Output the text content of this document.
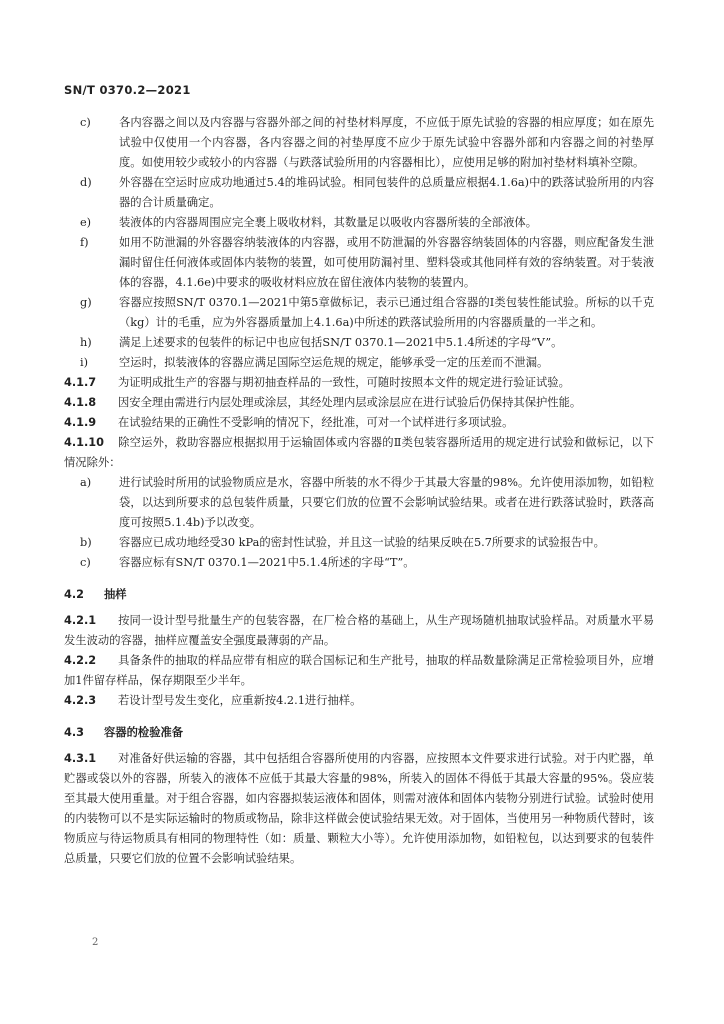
SN/T 0370.2—2021

c)	各内容器之间以及内容器与容器外部之间的衬垫材料厚度，不应低于原先试验的容器的相应厚度；如在原先试验中仅使用一个内容器，各内容器之间的衬垫厚度不应少于原先试验中容器外部和内容器之间的衬垫厚度。如使用较少或较小的内容器（与跌落试验所用的内容器相比），应使用足够的附加衬垫材料填补空隙。

d)	外容器在空运时应成功地通过5.4的堆码试验。相同包装件的总质量应根据4.1.6a)中的跌落试验所用的内容器的合计质量确定。

e)	装液体的内容器周围应完全裹上吸收材料，其数量足以吸收内容器所装的全部液体。

f)	如用不防泄漏的外容器容纳装液体的内容器，或用不防泄漏的外容器容纳装固体的内容器，则应配备发生泄漏时留住任何液体或固体内装物的装置，如可使用防漏衬里、塑料袋或其他同样有效的容纳装置。对于装液体的容器，4.1.6e)中要求的吸收材料应放在留住液体内装物的装置内。

g)	容器应按照SN/T 0370.1—2021中第5章做标记，表示已通过组合容器的Ⅰ类包装性能试验。所标的以千克（kg）计的毛重，应为外容器质量加上4.1.6a)中所述的跌落试验所用的内容器质量的一半之和。

h)	满足上述要求的包装件的标记中也应包括SN/T 0370.1—2021中5.1.4所述的字母“V”。

i)	空运时，拟装液体的容器应满足国际空运危规的规定，能够承受一定的压差而不泄漏。

4.1.7 为证明成批生产的容器与期初抽查样品的一致性，可随时按照本文件的规定进行验证试验。

4.1.8 因安全理由需进行内层处理或涂层，其经处理内层或涂层应在进行试验后仍保持其保护性能。

4.1.9 在试验结果的正确性不受影响的情况下，经批准，可对一个试样进行多项试验。

4.1.10 除空运外，救助容器应根据拟用于运输固体或内容器的Ⅱ类包装容器所适用的规定进行试验和做标记，以下情况除外：

a)	进行试验时所用的试验物质应是水，容器中所装的水不得少于其最大容量的98%。允许使用添加物，如铅粒袋，以达到所要求的总包装件质量，只要它们放的位置不会影响试验结果。或者在进行跌落试验时，跌落高度可按照5.1.4b)予以改变。

b)	容器应已成功地经受30 kPa的密封性试验，并且这一试验的结果反映在5.7所要求的试验报告中。

c)	容器应标有SN/T 0370.1—2021中5.1.4所述的字母“T”。

4.2 抽样

4.2.1 按同一设计型号批量生产的包装容器，在厂检合格的基础上，从生产现场随机抽取试验样品。对质量水平易发生波动的容器，抽样应覆盖安全强度最薄弱的产品。

4.2.2 具备条件的抽取的样品应带有相应的联合国标记和生产批号，抽取的样品数量除满足正常检验项目外，应增加1件留存样品，保存期限至少半年。

4.2.3 若设计型号发生变化，应重新按4.2.1进行抽样。

4.3 容器的检验准备

4.3.1 对准备好供运输的容器，其中包括组合容器所使用的内容器，应按照本文件要求进行试验。对于内贮器，单贮器或袋以外的容器，所装入的液体不应低于其最大容量的98%，所装入的固体不得低于其最大容量的95%。袋应装至其最大使用重量。对于组合容器，如内容器拟装运液体和固体，则需对液体和固体内装物分别进行试验。试验时使用的内装物可以不是实际运输时的物质或物品，除非这样做会使试验结果无效。对于固体，当使用另一种物质代替时，该物质应与待运物质具有相同的物理特性（如：质量、颗粒大小等）。允许使用添加物，如铅粒包，以达到要求的包装件总质量，只要它们放的位置不会影响试验结果。

2
